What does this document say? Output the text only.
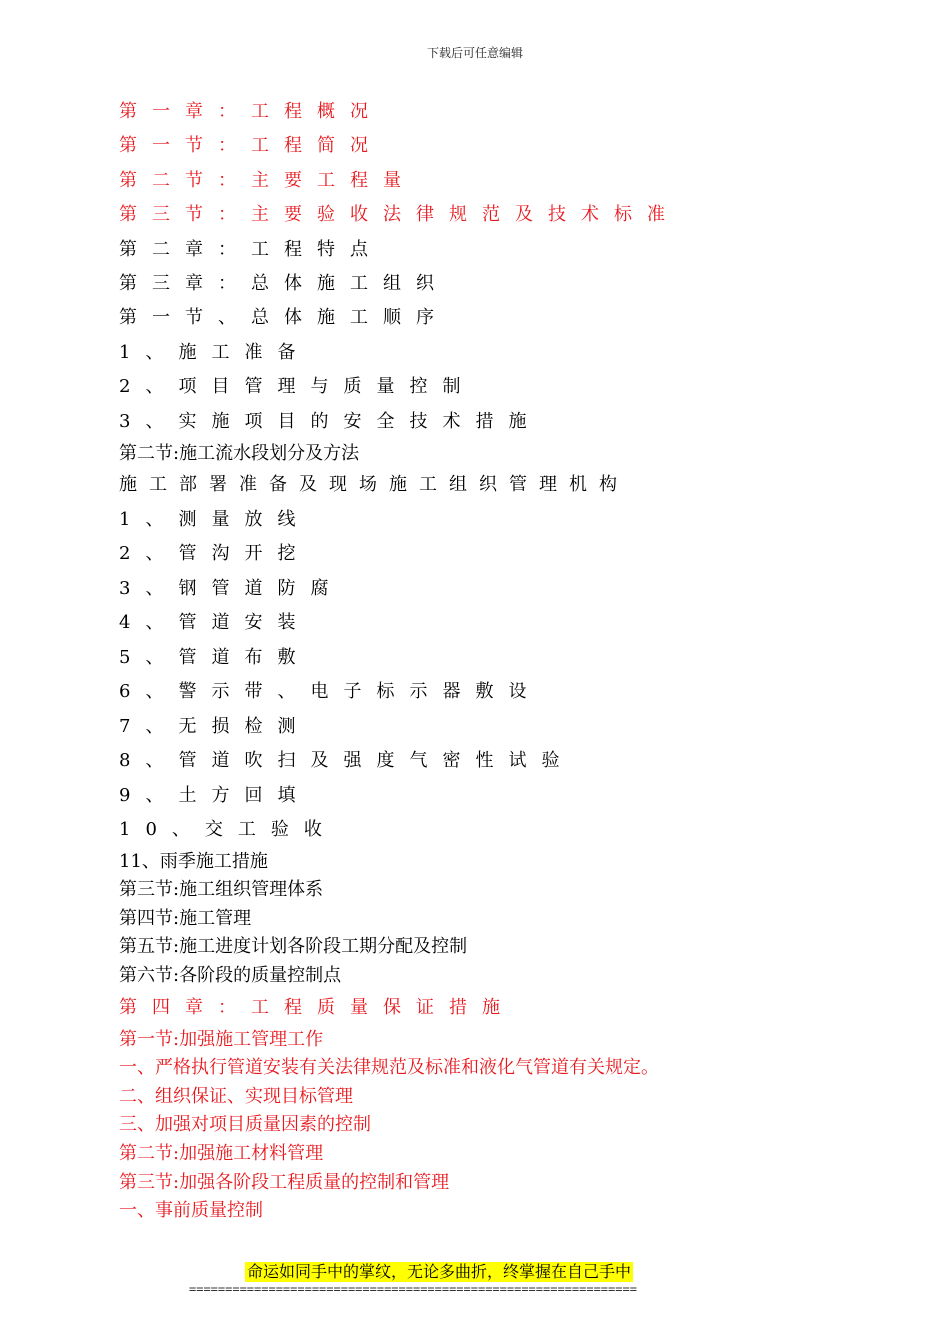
下载后可任意编辑
第一章：工程概况
第一节：工程简况
第二节：主要工程量
第三节：主要验收法律规范及技术标准
第二章：工程特点
第三章：总体施工组织
第一节、总体施工顺序
1、施工准备
2、项目管理与质量控制
3、实施项目的安全技术措施
第二节:施工流水段划分及方法
施工部署准备及现场施工组织管理机构
1、测量放线
2、管沟开挖
3、钢管道防腐
4、管道安装
5、管道布敷
6、警示带、电子标示器敷设
7、无损检测
8、管道吹扫及强度气密性试验
9、土方回填
10、交工验收
11、雨季施工措施
第三节:施工组织管理体系
第四节:施工管理
第五节:施工进度计划各阶段工期分配及控制
第六节:各阶段的质量控制点
第四章：工程质量保证措施
第一节:加强施工管理工作
一、严格执行管道安装有关法律规范及标准和液化气管道有关规定。
二、组织保证、实现目标管理
三、加强对项目质量因素的控制
第二节:加强施工材料管理
第三节:加强各阶段工程质量的控制和管理
一、事前质量控制
命运如同手中的掌纹，无论多曲折，终掌握在自己手中
==============================================================
